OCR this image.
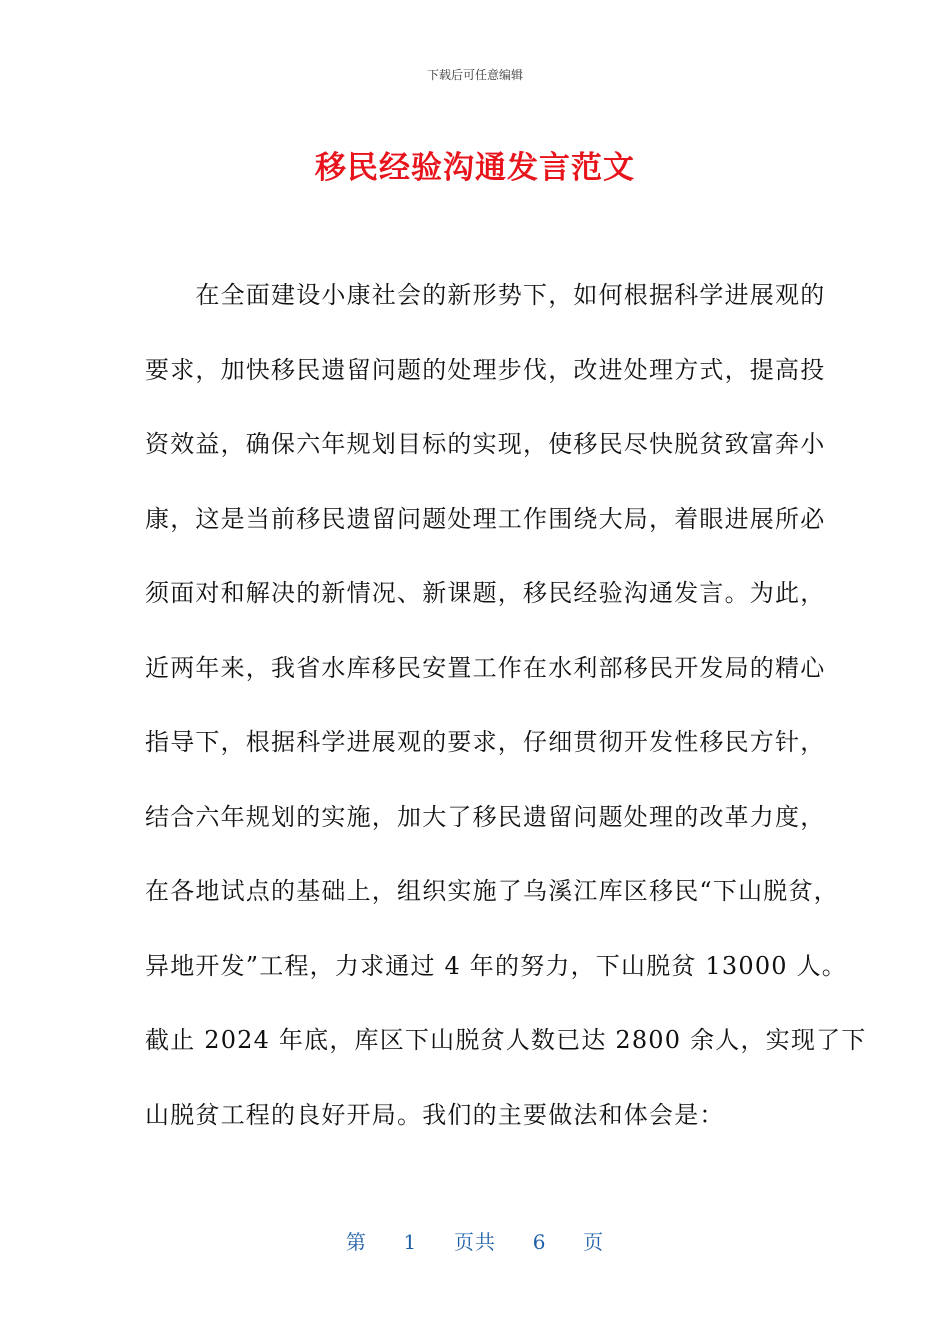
下载后可任意编辑
移民经验沟通发言范文
　　在全面建设小康社会的新形势下，如何根据科学进展观的
要求，加快移民遗留问题的处理步伐，改进处理方式，提高投
资效益，确保六年规划目标的实现，使移民尽快脱贫致富奔小
康，这是当前移民遗留问题处理工作围绕大局，着眼进展所必
须面对和解决的新情况、新课题，移民经验沟通发言。为此，
近两年来，我省水库移民安置工作在水利部移民开发局的精心
指导下，根据科学进展观的要求，仔细贯彻开发性移民方针，
结合六年规划的实施，加大了移民遗留问题处理的改革力度，
在各地试点的基础上，组织实施了乌溪江库区移民“下山脱贫，
异地开发”工程，力求通过 4 年的努力，下山脱贫 13000 人。
截止 2024 年底，库区下山脱贫人数已达 2800 余人，实现了下
山脱贫工程的良好开局。我们的主要做法和体会是：
第 1 页共 6 页
